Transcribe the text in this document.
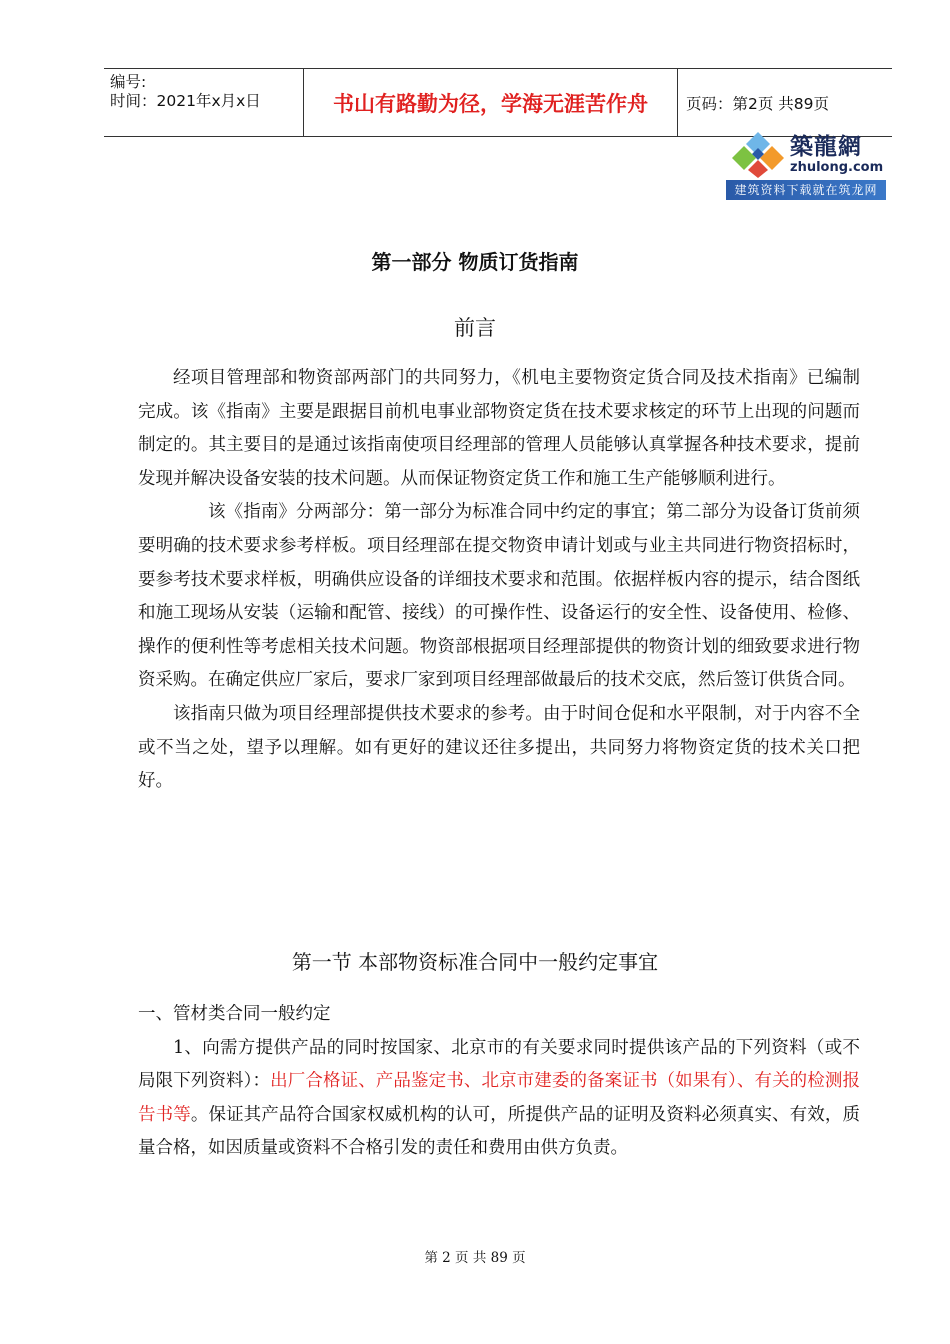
编号:
时间：2021年x月x日	书山有路勤为径，学海无涯苦作舟 页码：第2页 共89页
築龍網
zhulong.com
建筑资料下载就在筑龙网
第一部分 物质订货指南
前言

经项目管理部和物资部两部门的共同努力，《机电主要物资定货合同及技术指南》已编制完成。该《指南》主要是跟据目前机电事业部物资定货在技术要求核定的环节上出现的问题而制定的。其主要目的是通过该指南使项目经理部的管理人员能够认真掌握各种技术要求，提前发现并解决设备安装的技术问题。从而保证物资定货工作和施工生产能够顺利进行。

该《指南》分两部分：第一部分为标准合同中约定的事宜；第二部分为设备订货前须要明确的技术要求参考样板。项目经理部在提交物资申请计划或与业主共同进行物资招标时，要参考技术要求样板，明确供应设备的详细技术要求和范围。依据样板内容的提示，结合图纸和施工现场从安装（运输和配管、接线）的可操作性、设备运行的安全性、设备使用、检修、操作的便利性等考虑相关技术问题。物资部根据项目经理部提供的物资计划的细致要求进行物资采购。在确定供应厂家后，要求厂家到项目经理部做最后的技术交底，然后签订供货合同。

该指南只做为项目经理部提供技术要求的参考。由于时间仓促和水平限制，对于内容不全或不当之处，望予以理解。如有更好的建议还往多提出，共同努力将物资定货的技术关口把好。

第一节 本部物资标准合同中一般约定事宜

一、管材类合同一般约定

1、向需方提供产品的同时按国家、北京市的有关要求同时提供该产品的下列资料（或不局限下列资料）：出厂合格证、产品鉴定书、北京市建委的备案证书（如果有）、有关的检测报告书等。保证其产品符合国家权威机构的认可，所提供产品的证明及资料必须真实、有效，质量合格，如因质量或资料不合格引发的责任和费用由供方负责。

第 2 页 共 89 页
